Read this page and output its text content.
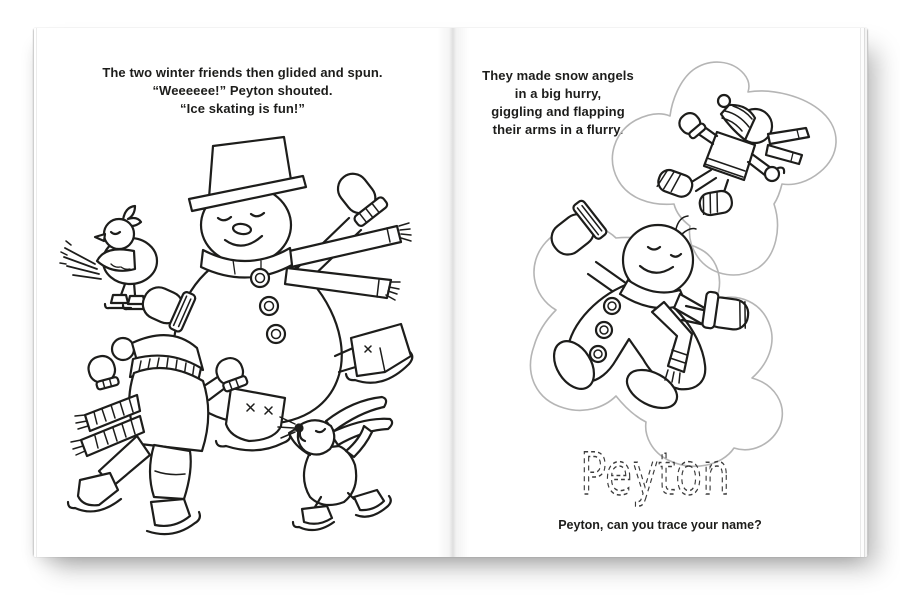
The two winter friends then glided and spun.
“Weeeeee!” Peyton shouted.
“Ice skating is fun!”
They made snow angels
in a big hurry,
giggling and flapping
their arms in a flurry.
Peyton
Peyton, can you trace your name?
